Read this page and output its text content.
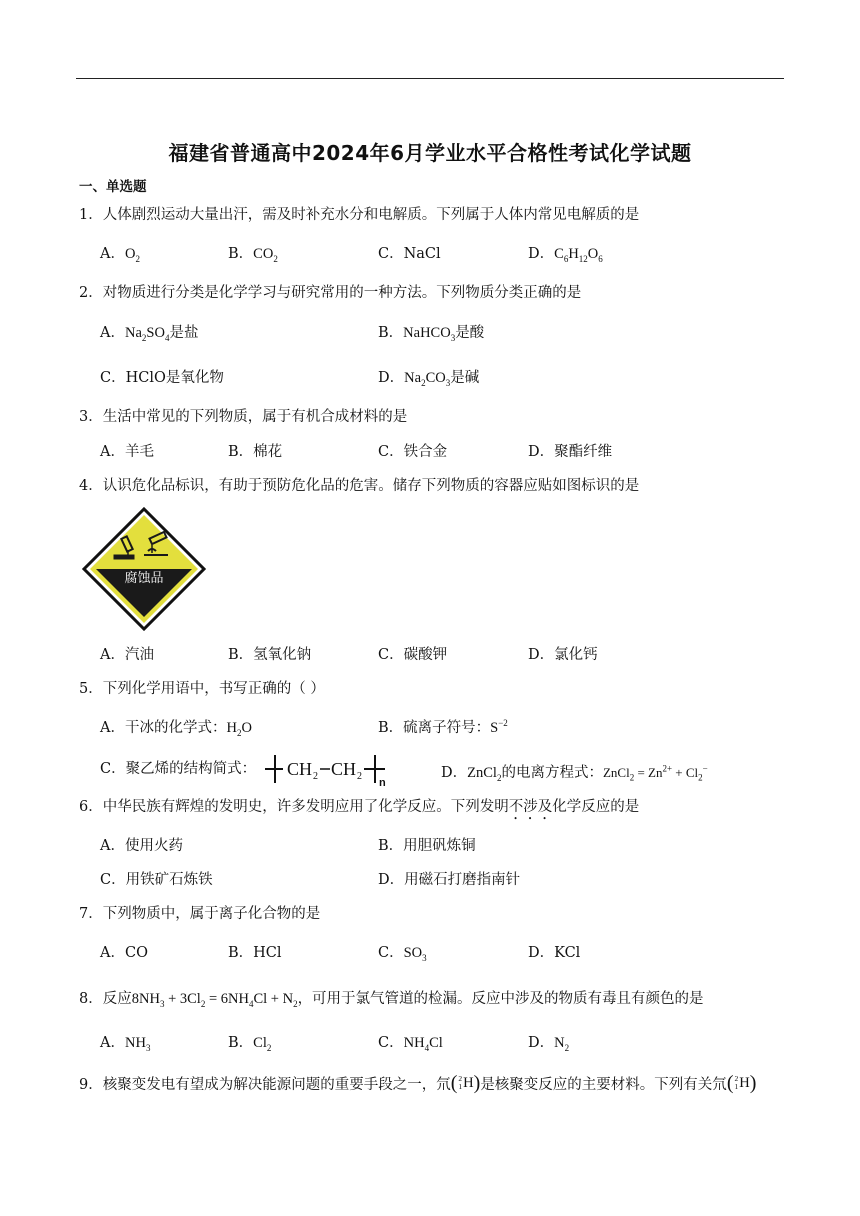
福建省普通高中2024年6月学业水平合格性考试化学试题
一、单选题
1．人体剧烈运动大量出汗，需及时补充水分和电解质。下列属于人体内常见电解质的是
A．$O_2$	B．$CO_2$	C．NaCl	D．$C_6H_{12}O_6$
2．对物质进行分类是化学学习与研究常用的一种方法。下列物质分类正确的是
A．$Na_2SO_4$是盐	B．NaHCO$_3$是酸
C．HClO是氧化物	D．$Na_2CO_3$是碱
3．生活中常见的下列物质，属于有机合成材料的是
A．羊毛	B．棉花	C．铁合金	D．聚酯纤维
4．认识危化品标识，有助于预防危化品的危害。储存下列物质的容器应贴如图标识的是
腐蚀品
A．汽油	B．氢氧化钠	C．碳酸钾	D．氯化钙
5．下列化学用语中，书写正确的（ ）
A．干冰的化学式：$H_2O$	B．硫离子符号：$S^{-2}$
C．聚乙烯的结构简式： CH 2 CH 2
n
D．ZnCl$_2$的电离方程式：ZnCl$_2$ = $Zn^{2+} + Cl_2^-$
6．中华民族有辉煌的发明史，许多发明应用了化学反应。下列发明不涉及化学反应的是
A．使用火药	B．用胆矾炼铜
C．用铁矿石炼铁	D．用磁石打磨指南针
7．下列物质中，属于离子化合物的是
A．CO	B．HCl	C．$SO_3$	D．KCl
8．反应$8NH_3 + 3Cl_2 = 6NH_4Cl + N_2$，可用于氯气管道的检漏。反应中涉及的物质有毒且有颜色的是
A．$NH_3$	B．$Cl_2$	C．$NH_4Cl$	D．$N_2$
9．核聚变发电有望成为解决能源问题的重要手段之一，氘 ( 2
1 H ) 是核聚变反应的主要材料。下列有关氘 ( 2
1 H )
